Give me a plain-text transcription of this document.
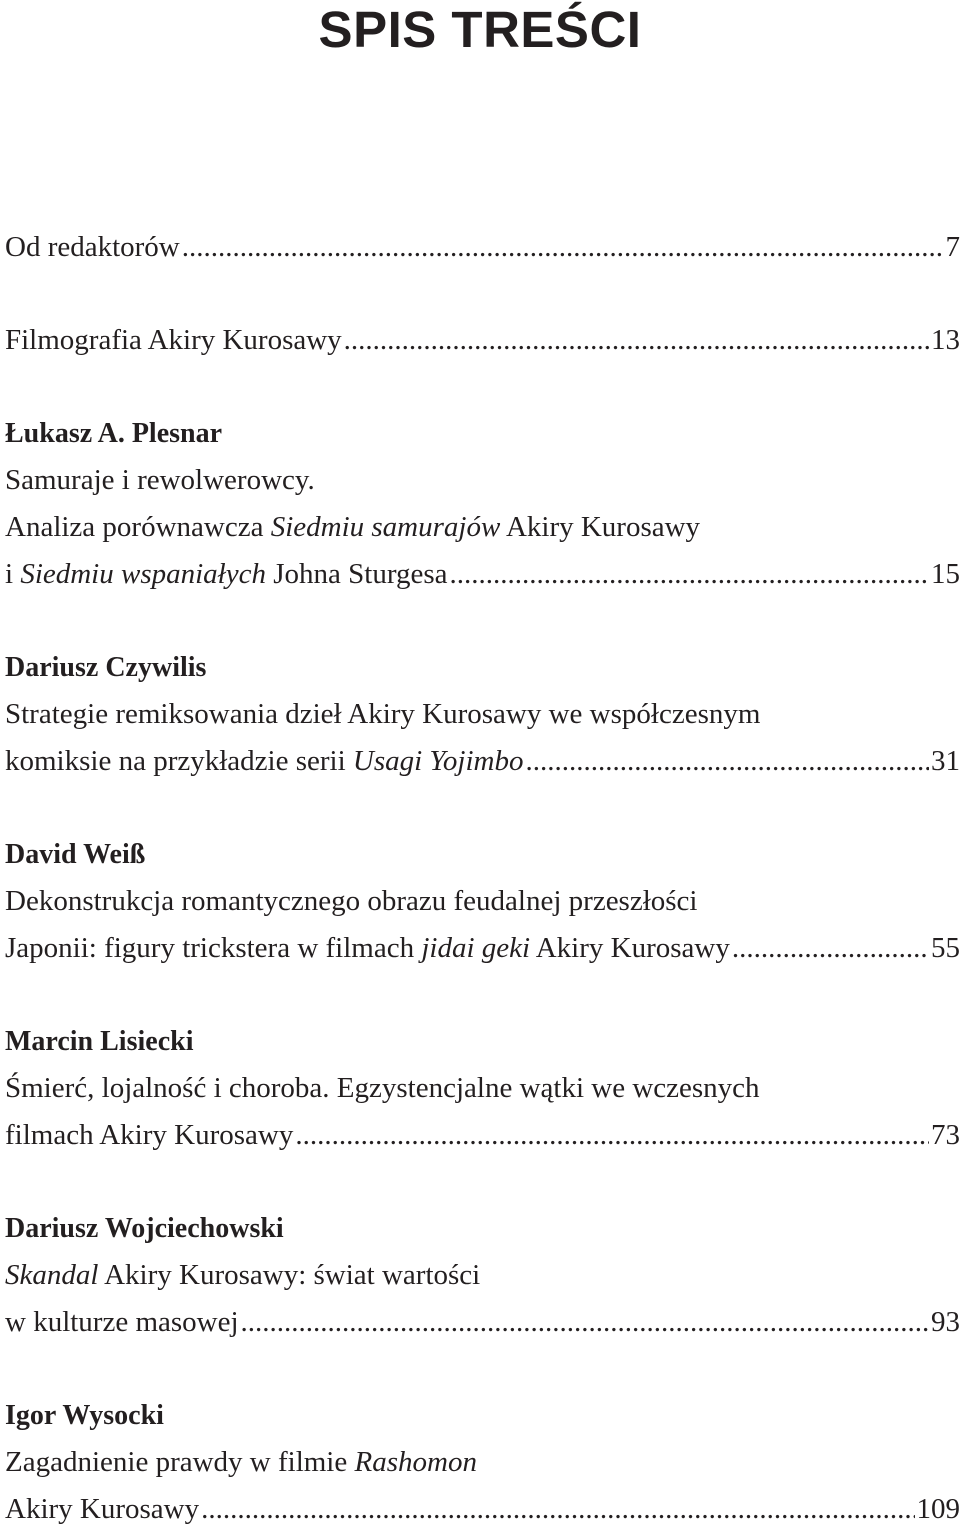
SPIS TREŚCI
Od redaktorów .....	7
Filmografia Akiry Kurosawy .....	13
Łukasz A. Plesnar
Samuraje i rewolwerowcy.
Analiza porównawcza Siedmiu samurajów Akiry Kurosawy
i Siedmiu wspaniałych Johna Sturgesa .....	15
Dariusz Czywilis
Strategie remiksowania dzieł Akiry Kurosawy we współczesnym
komiksie na przykładzie serii Usagi Yojimbo .....	31
David Weiß
Dekonstrukcja romantycznego obrazu feudalnej przeszłości
Japonii: figury trickstera w filmach jidai geki Akiry Kurosawy .....	55
Marcin Lisiecki
Śmierć, lojalność i choroba. Egzystencjalne wątki we wczesnych
filmach Akiry Kurosawy .....	73
Dariusz Wojciechowski
Skandal Akiry Kurosawy: świat wartości
w kulturze masowej .....	93
Igor Wysocki
Zagadnienie prawdy w filmie Rashomon
Akiry Kurosawy .....	109
